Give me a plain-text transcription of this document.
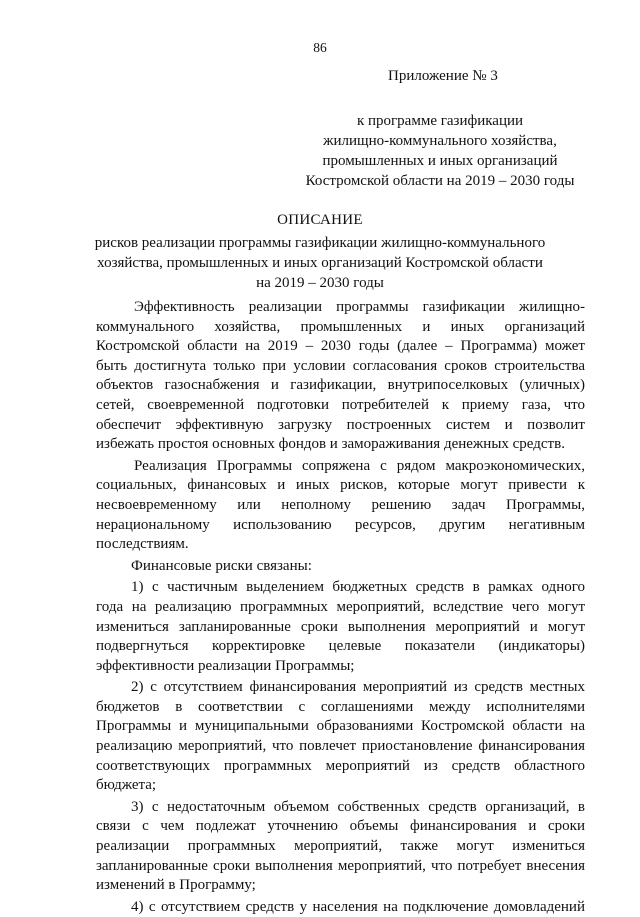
86
Приложение № 3
к программе газификации
жилищно-коммунального хозяйства,
промышленных и иных организаций
Костромской области на 2019 – 2030 годы
ОПИСАНИЕ
рисков реализации программы газификации жилищно-коммунального
хозяйства, промышленных и иных организаций Костромской области
на 2019 – 2030 годы
Эффективность реализации программы газификации жилищно-
коммунального хозяйства, промышленных и иных организаций
Костромской области на 2019 – 2030 годы (далее – Программа) может
быть достигнута только при условии согласования сроков строительства
объектов газоснабжения и газификации, внутрипоселковых (уличных)
сетей, своевременной подготовки потребителей к приему газа, что
обеспечит эффективную загрузку построенных систем и позволит
избежать простоя основных фондов и замораживания денежных средств.
Реализация Программы сопряжена с рядом макроэкономических,
социальных, финансовых и иных рисков, которые могут привести к
несвоевременному или неполному решению задач Программы,
нерациональному использованию ресурсов, другим негативным
последствиям.
Финансовые риски связаны:
1) с частичным выделением бюджетных средств в рамках одного
года на реализацию программных мероприятий, вследствие чего могут
измениться запланированные сроки выполнения мероприятий и могут
подвергнуться корректировке целевые показатели (индикаторы)
эффективности реализации Программы;
2) с отсутствием финансирования мероприятий из средств местных
бюджетов в соответствии с соглашениями между исполнителями
Программы и муниципальными образованиями Костромской области на
реализацию мероприятий, что повлечет приостановление финансирования
соответствующих программных мероприятий из средств областного
бюджета;
3) с недостаточным объемом собственных средств организаций, в
связи с чем подлежат уточнению объемы финансирования и сроки
реализации программных мероприятий, также могут измениться
запланированные сроки выполнения мероприятий, что потребует внесения
изменений в Программу;
4) с отсутствием средств у населения на подключение домовладений
